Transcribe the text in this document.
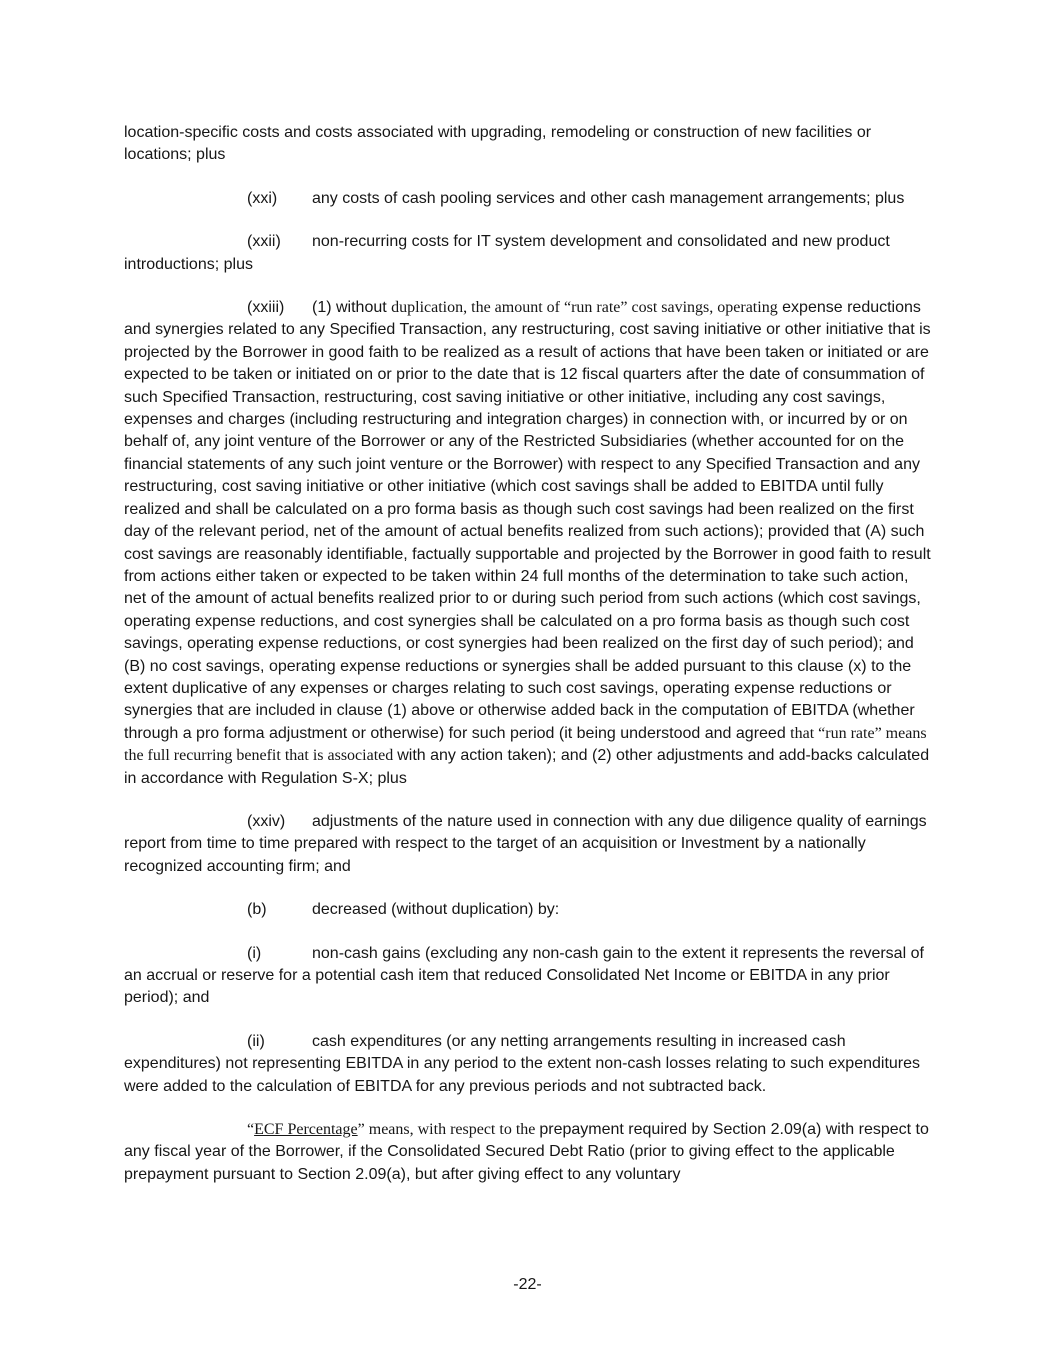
location-specific costs and costs associated with upgrading, remodeling or construction of new facilities or locations; plus
(xxi) any costs of cash pooling services and other cash management arrangements; plus
(xxii) non-recurring costs for IT system development and consolidated and new product introductions; plus
(xxiii) (1) without duplication, the amount of “run rate” cost savings, operating expense reductions and synergies related to any Specified Transaction, any restructuring, cost saving initiative or other initiative that is projected by the Borrower in good faith to be realized as a result of actions that have been taken or initiated or are expected to be taken or initiated on or prior to the date that is 12 fiscal quarters after the date of consummation of such Specified Transaction, restructuring, cost saving initiative or other initiative, including any cost savings, expenses and charges (including restructuring and integration charges) in connection with, or incurred by or on behalf of, any joint venture of the Borrower or any of the Restricted Subsidiaries (whether accounted for on the financial statements of any such joint venture or the Borrower) with respect to any Specified Transaction and any restructuring, cost saving initiative or other initiative (which cost savings shall be added to EBITDA until fully realized and shall be calculated on a pro forma basis as though such cost savings had been realized on the first day of the relevant period, net of the amount of actual benefits realized from such actions); provided that (A) such cost savings are reasonably identifiable, factually supportable and projected by the Borrower in good faith to result from actions either taken or expected to be taken within 24 full months of the determination to take such action, net of the amount of actual benefits realized prior to or during such period from such actions (which cost savings, operating expense reductions, and cost synergies shall be calculated on a pro forma basis as though such cost savings, operating expense reductions, or cost synergies had been realized on the first day of such period); and (B) no cost savings, operating expense reductions or synergies shall be added pursuant to this clause (x) to the extent duplicative of any expenses or charges relating to such cost savings, operating expense reductions or synergies that are included in clause (1) above or otherwise added back in the computation of EBITDA (whether through a pro forma adjustment or otherwise) for such period (it being understood and agreed that “run rate” means the full recurring benefit that is associated with any action taken); and (2) other adjustments and add-backs calculated in accordance with Regulation S-X; plus
(xxiv) adjustments of the nature used in connection with any due diligence quality of earnings report from time to time prepared with respect to the target of an acquisition or Investment by a nationally recognized accounting firm; and
(b)	decreased (without duplication) by:
(i)	non-cash gains (excluding any non-cash gain to the extent it represents the reversal of an accrual or reserve for a potential cash item that reduced Consolidated Net Income or EBITDA in any prior period); and
(ii)	cash expenditures (or any netting arrangements resulting in increased cash expenditures) not representing EBITDA in any period to the extent non-cash losses relating to such expenditures were added to the calculation of EBITDA for any previous periods and not subtracted back.
“ECF Percentage” means, with respect to the prepayment required by Section 2.09(a) with respect to any fiscal year of the Borrower, if the Consolidated Secured Debt Ratio (prior to giving effect to the applicable prepayment pursuant to Section 2.09(a), but after giving effect to any voluntary
-22-
